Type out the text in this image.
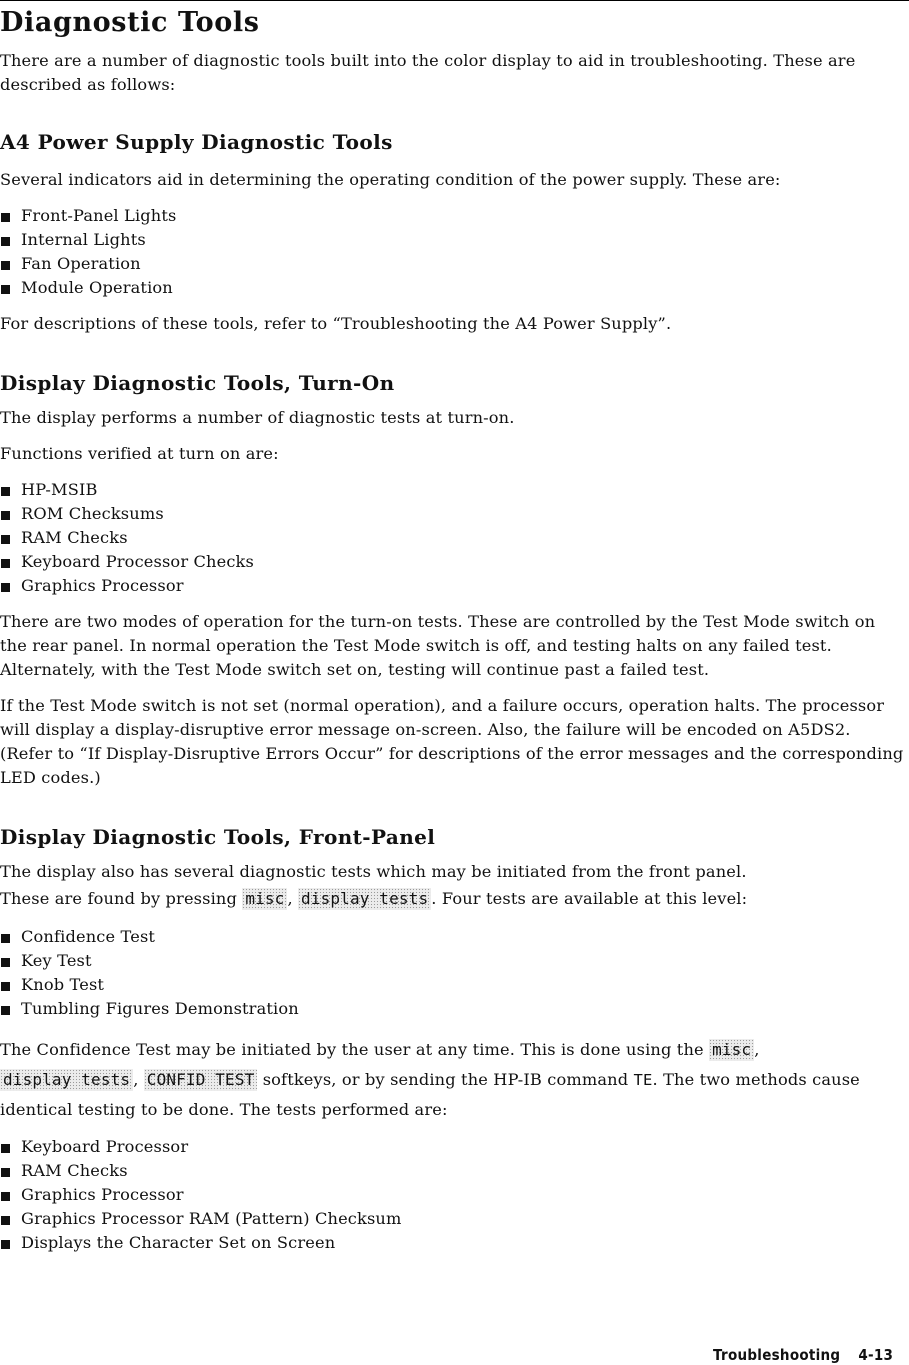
Diagnostic Tools

There are a number of diagnostic tools built into the color display to aid in troubleshooting. These are described as follows:

A4 Power Supply Diagnostic Tools

Several indicators aid in determining the operating condition of the power supply. These are:

Front-Panel Lights
Internal Lights
Fan Operation
Module Operation

For descriptions of these tools, refer to “Troubleshooting the A4 Power Supply”.

Display Diagnostic Tools, Turn-On

The display performs a number of diagnostic tests at turn-on.

Functions verified at turn on are:

HP-MSIB
ROM Checksums
RAM Checks
Keyboard Processor Checks
Graphics Processor

There are two modes of operation for the turn-on tests. These are controlled by the Test Mode switch on the rear panel. In normal operation the Test Mode switch is off, and testing halts on any failed test. Alternately, with the Test Mode switch set on, testing will continue past a failed test.

If the Test Mode switch is not set (normal operation), and a failure occurs, operation halts. The processor will display a display-disruptive error message on-screen. Also, the failure will be encoded on A5DS2. (Refer to “If Display-Disruptive Errors Occur” for descriptions of the error messages and the corresponding LED codes.)

Display Diagnostic Tools, Front-Panel

The display also has several diagnostic tests which may be initiated from the front panel.

These are found by pressing misc , display tests . Four tests are available at this level:

Confidence Test
Key Test
Knob Test
Tumbling Figures Demonstration

The Confidence Test may be initiated by the user at any time. This is done using the misc , display tests , CONFID TEST softkeys, or by sending the HP-IB command TE. The two methods cause identical testing to be done. The tests performed are:

Keyboard Processor
RAM Checks
Graphics Processor
Graphics Processor RAM (Pattern) Checksum
Displays the Character Set on Screen
Troubleshooting 4-13
